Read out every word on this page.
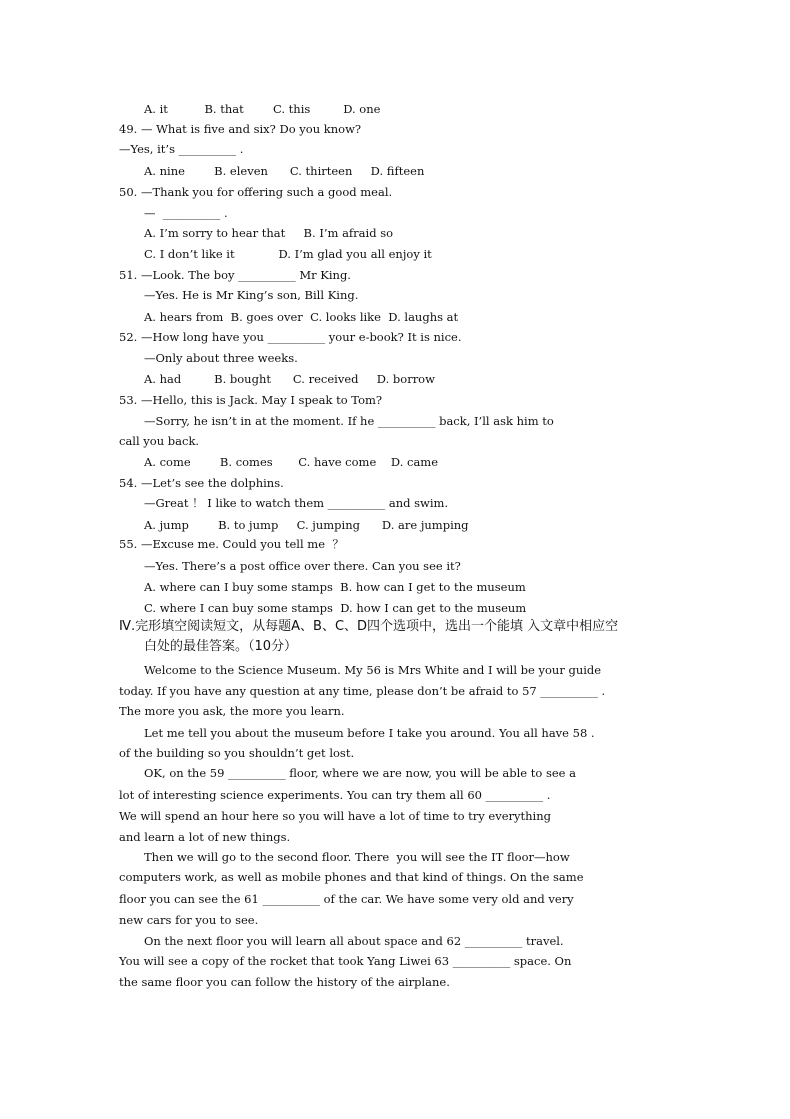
A. it          B. that        C. this         D. one
49. — What is five and six? Do you know?
—Yes, it’s __________ .
A. nine        B. eleven      C. thirteen     D. fifteen
50. —Thank you for offering such a good meal.
—  __________ .
A. I’m sorry to hear that     B. I’m afraid so
C. I don’t like it            D. I’m glad you all enjoy it
51. —Look. The boy __________ Mr King.
—Yes. He is Mr King’s son, Bill King.
A. hears from  B. goes over  C. looks like  D. laughs at
52. —How long have you __________ your e-book? It is nice.
—Only about three weeks.
A. had         B. bought      C. received     D. borrow
53. —Hello, this is Jack. May I speak to Tom?
—Sorry, he isn’t in at the moment. If he __________ back, I’ll ask him to
call you back.
A. come        B. comes       C. have come    D. came
54. —Let’s see the dolphins.
—Great ！ I like to watch them __________ and swim.
A. jump        B. to jump     C. jumping      D. are jumping
55. —Excuse me. Could you tell me  ？
—Yes. There’s a post office over there. Can you see it?
A. where can I buy some stamps  B. how can I get to the museum
C. where I can buy some stamps  D. how I can get to the museum
Ⅳ.完形填空阅读短文，从每题A、B、C、D四个选项中，选出一个能填 入文章中相应空
白处的最佳答案。（10分）
Welcome to the Science Museum. My 56 is Mrs White and I will be your guide
today. If you have any question at any time, please don’t be afraid to 57 __________ .
The more you ask, the more you learn.
Let me tell you about the museum before I take you around. You all have 58 .
of the building so you shouldn’t get lost.
OK, on the 59 __________ floor, where we are now, you will be able to see a
lot of interesting science experiments. You can try them all 60 __________ .
We will spend an hour here so you will have a lot of time to try everything
and learn a lot of new things.
Then we will go to the second floor. There  you will see the IT floor—how
computers work, as well as mobile phones and that kind of things. On the same
floor you can see the 61 __________ of the car. We have some very old and very
new cars for you to see.
On the next floor you will learn all about space and 62 __________ travel.
You will see a copy of the rocket that took Yang Liwei 63 __________ space. On
the same floor you can follow the history of the airplane.
